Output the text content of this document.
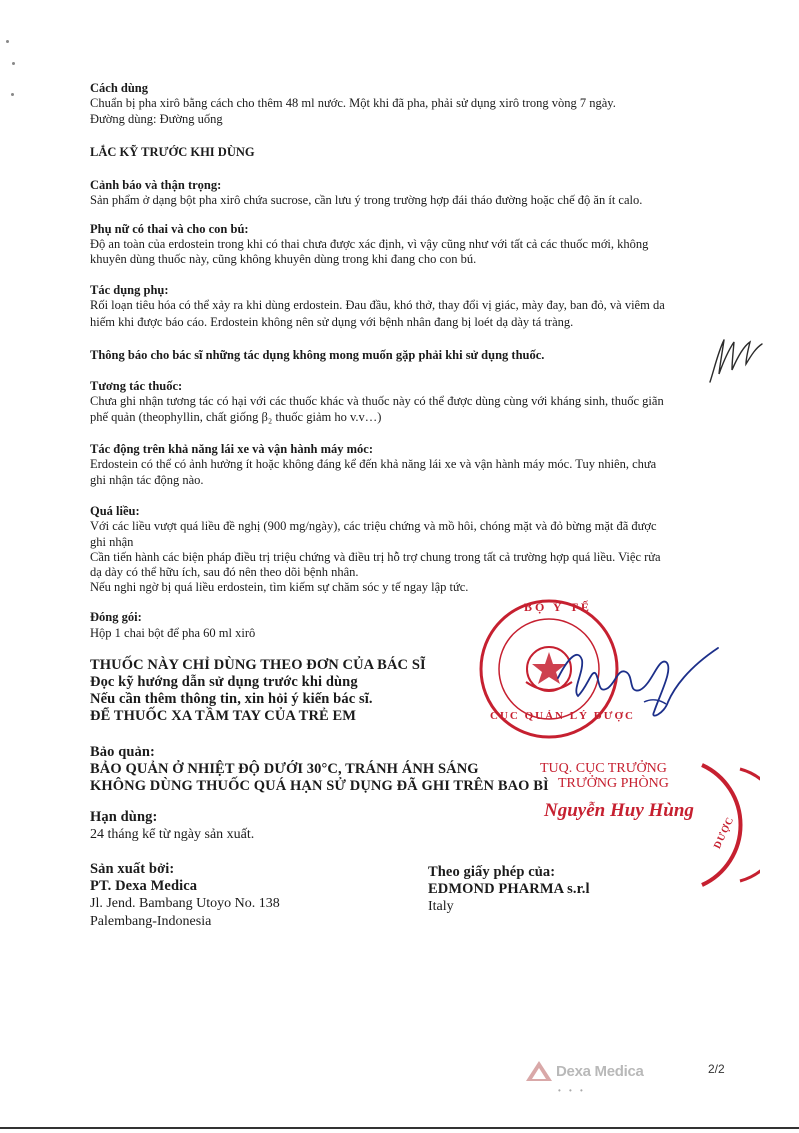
Cách dùng
Chuẩn bị pha xirô bằng cách cho thêm 48 ml nước. Một khi đã pha, phải sử dụng xirô trong vòng 7 ngày.
Đường dùng: Đường uống
LẮC KỸ TRƯỚC KHI DÙNG
Cảnh báo và thận trọng:
Sản phẩm ở dạng bột pha xirô chứa sucrose, cần lưu ý trong trường hợp đái tháo đường hoặc chế độ ăn ít calo.
Phụ nữ có thai và cho con bú:
Độ an toàn của erdostein trong khi có thai chưa được xác định, vì vậy cũng như với tất cả các thuốc mới, không
khuyên dùng thuốc này, cũng không khuyên dùng trong khi đang cho con bú.
Tác dụng phụ:
Rối loạn tiêu hóa có thể xảy ra khi dùng erdostein. Đau đầu, khó thở, thay đổi vị giác, mày đay, ban đỏ, và viêm da
hiếm khi được báo cáo. Erdostein không nên sử dụng với bệnh nhân đang bị loét dạ dày tá tràng.
Thông báo cho bác sĩ những tác dụng không mong muốn gặp phải khi sử dụng thuốc.
Tương tác thuốc:
Chưa ghi nhận tương tác có hại với các thuốc khác và thuốc này có thể được dùng cùng với kháng sinh, thuốc giãn
phế quản (theophyllin, chất giống β₂ thuốc giảm ho v.v…)
Tác động trên khả năng lái xe và vận hành máy móc:
Erdostein có thể có ảnh hưởng ít hoặc không đáng kể đến khả năng lái xe và vận hành máy móc. Tuy nhiên, chưa
ghi nhận tác động nào.
Quá liều:
Với các liều vượt quá liều đề nghị (900 mg/ngày), các triệu chứng và mồ hôi, chóng mặt và đỏ bừng mặt đã được
ghi nhận
Cần tiến hành các biện pháp điều trị triệu chứng và điều trị hỗ trợ chung trong tất cả trường hợp quá liều. Việc rửa
dạ dày có thể hữu ích, sau đó nên theo dõi bệnh nhân.
Nếu nghi ngờ bị quá liều erdostein, tìm kiếm sự chăm sóc y tế ngay lập tức.
Đóng gói:
Hộp 1 chai bột để pha 60 ml xirô
THUỐC NÀY CHỈ DÙNG THEO ĐƠN CỦA BÁC SĨ
Đọc kỹ hướng dẫn sử dụng trước khi dùng
Nếu cần thêm thông tin, xin hỏi ý kiến bác sĩ.
ĐỂ THUỐC XA TẦM TAY CỦA TRẺ EM
Bảo quản:
BẢO QUẢN Ở NHIỆT ĐỘ DƯỚI 30°C, TRÁNH ÁNH SÁNG
KHÔNG DÙNG THUỐC QUÁ HẠN SỬ DỤNG ĐÃ GHI TRÊN BAO BÌ
Hạn dùng:
24 tháng kể từ ngày sản xuất.
Sản xuất bởi:
PT. Dexa Medica
Jl. Jend. Bambang Utoyo No. 138
Palembang-Indonesia
Theo giấy phép của:
EDMOND PHARMA s.r.l
Italy
BỘ Y TẾ
CỤC QUẢN LÝ DƯỢC
TUQ. CỤC TRƯỞNG
TRƯỞNG PHÒNG
Nguyễn Huy Hùng
DƯỢC
Dexa Medica
• • •
2/2
